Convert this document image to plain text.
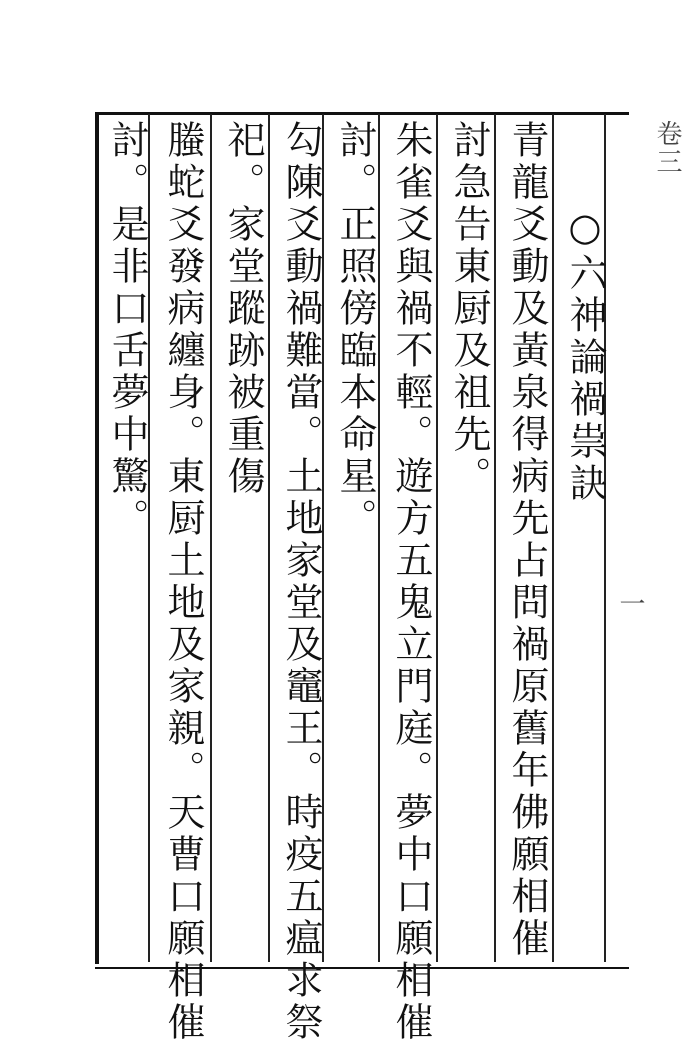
○六神論禍祟訣
青龍爻動及黃泉得病先占問禍原舊年佛願相催
討急告東厨及祖先。
朱雀爻與禍不輕。遊方五鬼立門庭。夢中口願相催
討。正照傍臨本命星。
勾陳爻動禍難當。土地家堂及竈王。時疫五瘟求祭
祀。家堂蹤跡被重傷
螣蛇爻發病纏身。東厨土地及家親。天曹口願相催
討。是非口舌夢中驚。	卷三
一
